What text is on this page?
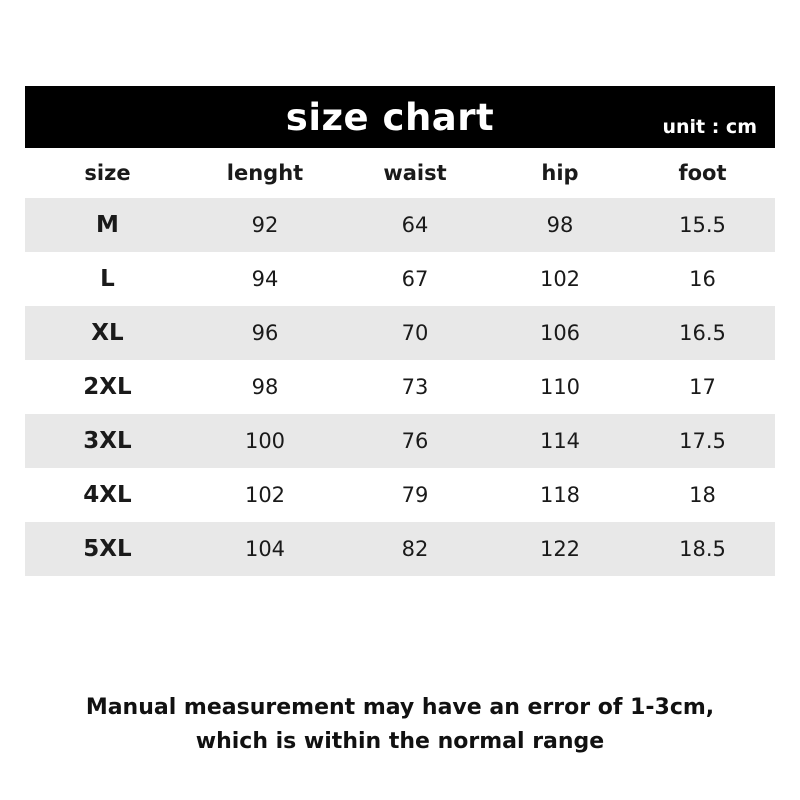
size chart	unit : cm
size	lenght	waist	hip	foot
M	92	64	98	15.5
L	94	67	102	16
XL	96	70	106	16.5
2XL	98	73	110	17
3XL	100	76	114	17.5
4XL	102	79	118	18
5XL	104	82	122	18.5
Manual measurement may have an error of 1-3cm,
which is within the normal range
